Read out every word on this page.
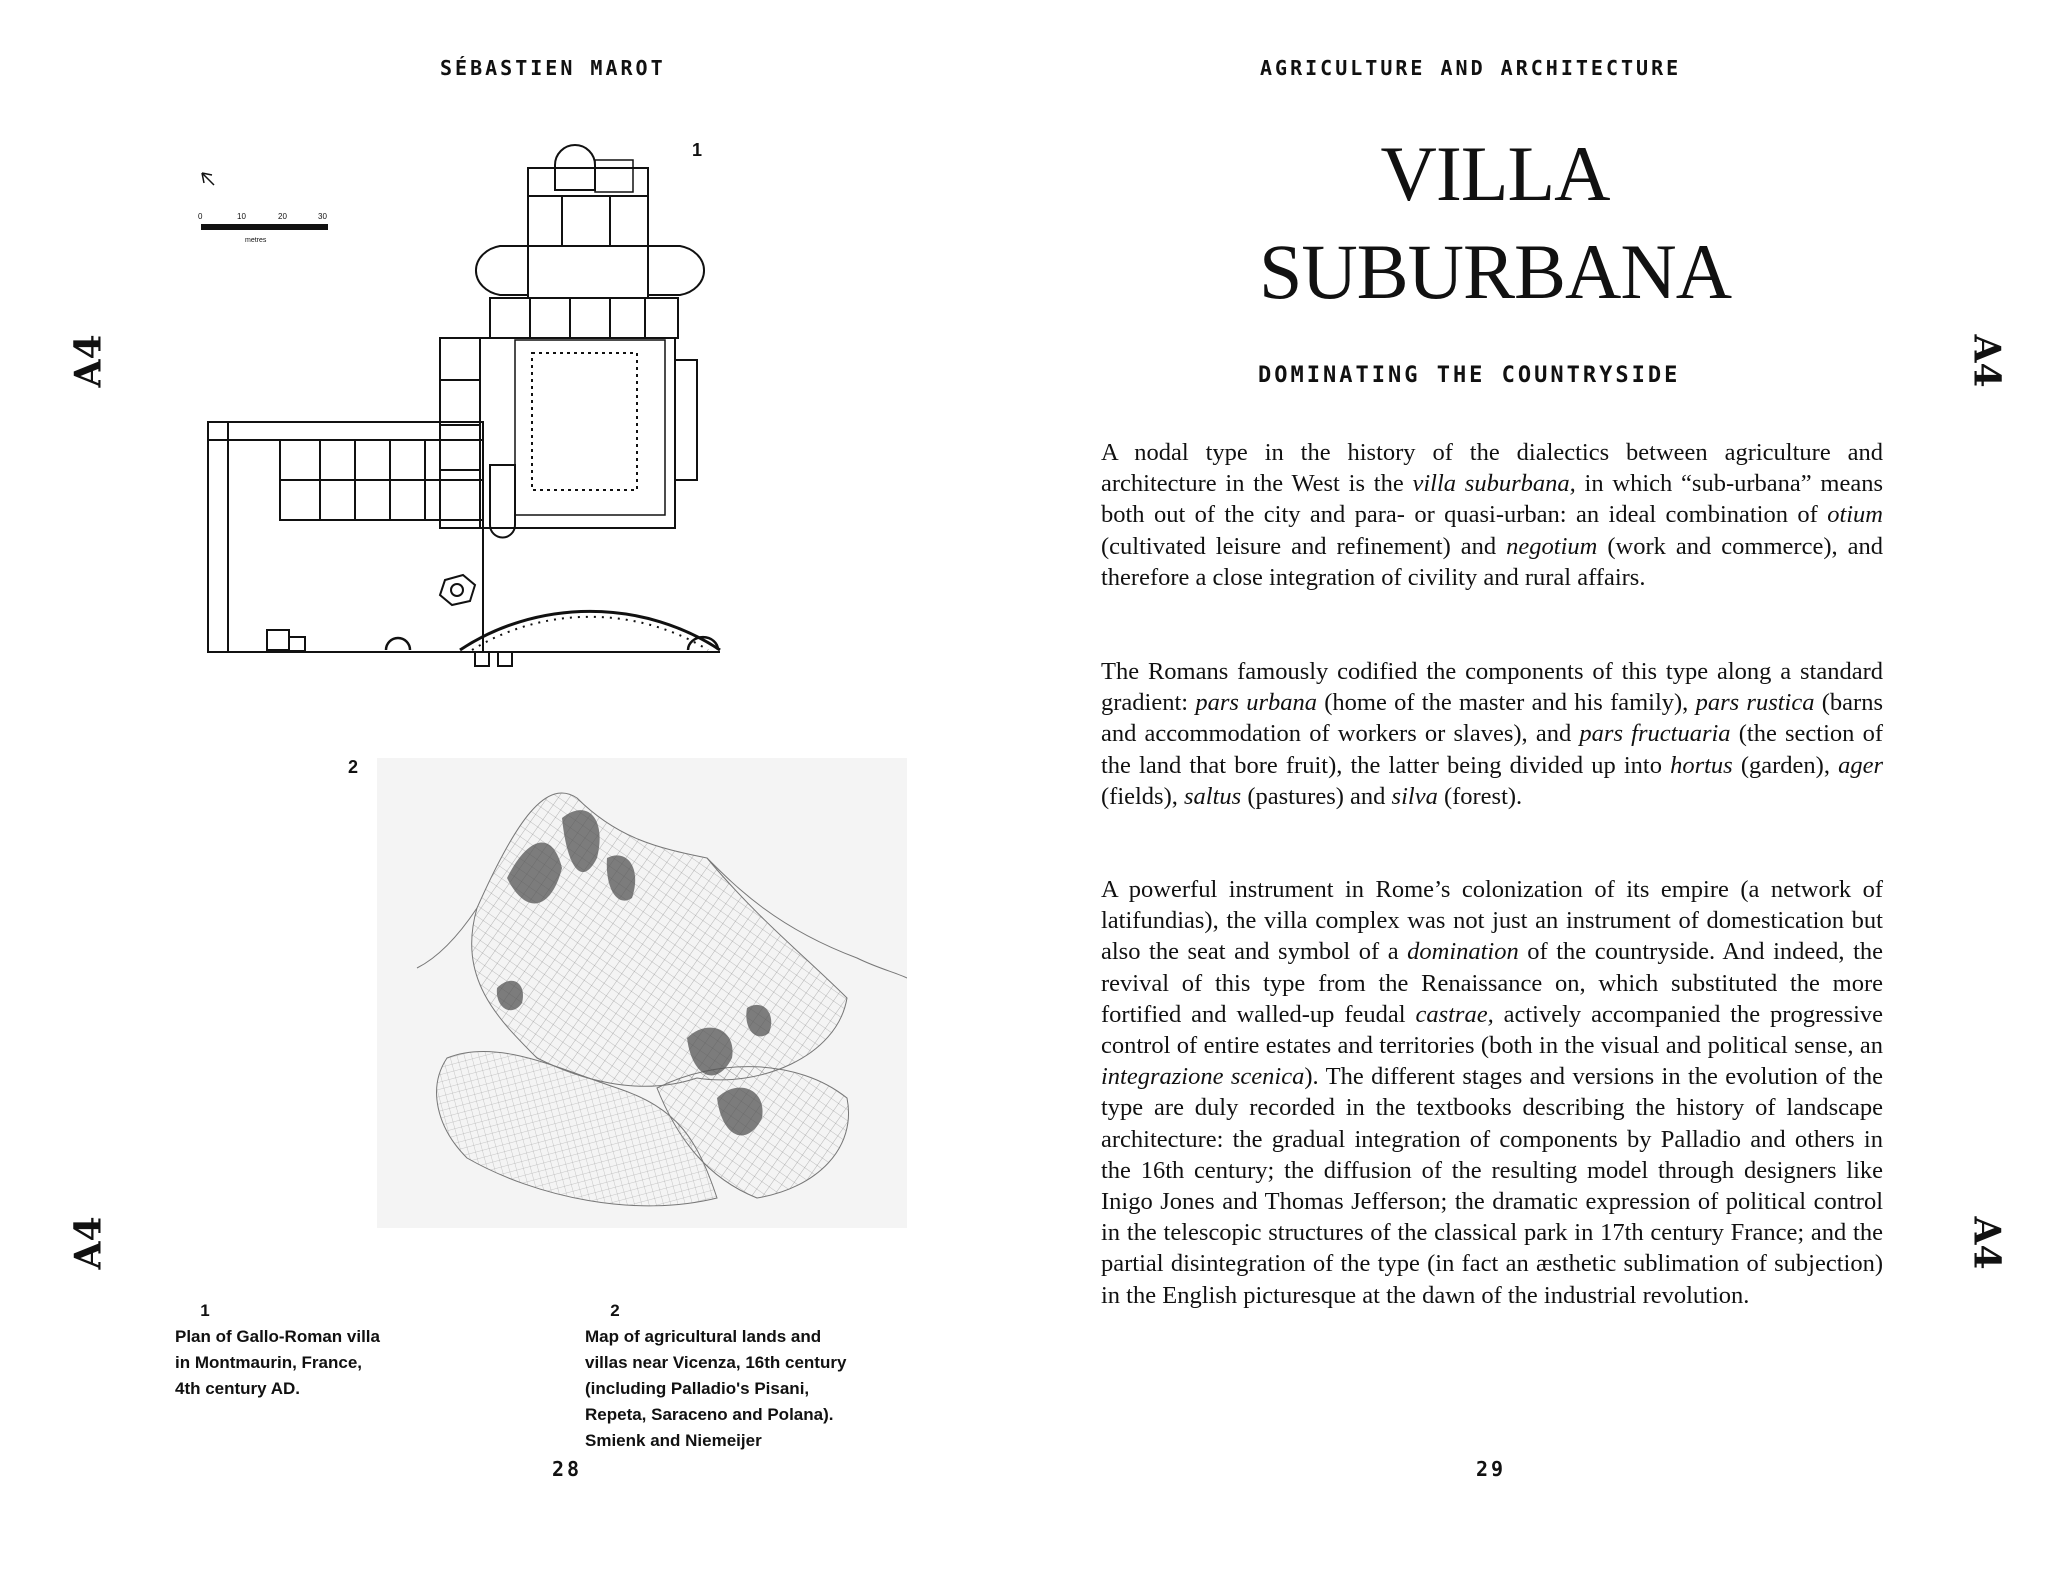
SÉBASTIEN MAROT
A4
A4
0	10	20	30
metres
1
2
1
Plan of Gallo-Roman villa
in Montmaurin, France,
4th century AD.
2
Map of agricultural lands and
villas near Vicenza, 16th century
(including Palladio's Pisani,
Repeta, Saraceno and Polana).
Smienk and Niemeijer
28
AGRICULTURE AND ARCHITECTURE
A4
A4
VILLA
SUBURBANA
DOMINATING THE COUNTRYSIDE

A nodal type in the history of the dialectics between agriculture and architecture in the West is the villa suburbana, in which “sub-urbana” means both out of the city and para- or quasi-urban: an ideal combination of otium (cultivated leisure and refinement) and negotium (work and commerce), and therefore a close integration of civility and rural affairs.

The Romans famously codified the components of this type along a standard gradient: pars urbana (home of the master and his family), pars rustica (barns and accommodation of workers or slaves), and pars fructuaria (the section of the land that bore fruit), the latter being divided up into hortus (garden), ager (fields), saltus (pastures) and silva (forest).

A powerful instrument in Rome’s colonization of its empire (a network of latifundias), the villa complex was not just an instrument of domestication but also the seat and symbol of a domination of the countryside. And indeed, the revival of this type from the Renaissance on, which substituted the more fortified and walled-up feudal castrae, actively accompanied the progressive control of entire estates and territories (both in the visual and political sense, an integrazione scenica). The different stages and versions in the evolution of the type are duly recorded in the textbooks describing the history of landscape architecture: the gradual integration of components by Palladio and others in the 16th century; the diffusion of the resulting model through designers like Inigo Jones and Thomas Jefferson; the dramatic expression of political control in the telescopic structures of the classical park in 17th century France; and the partial disintegration of the type (in fact an æsthetic sublimation of subjection) in the English picturesque at the dawn of the industrial revolution.

29
